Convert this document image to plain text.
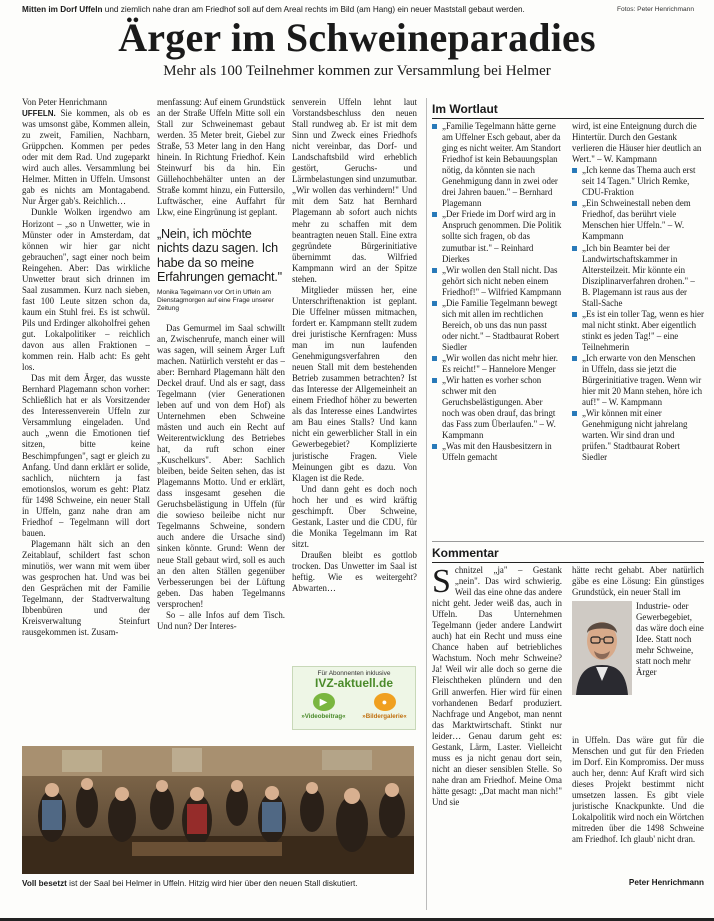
Mitten im Dorf Uffeln und ziemlich nahe dran am Friedhof soll auf dem Areal rechts im Bild (am Hang) ein neuer Maststall gebaut werden.	Fotos: Peter Henrichmann
Ärger im Schweineparadies
Mehr als 100 Teilnehmer kommen zur Versammlung bei Helmer

Von Peter Henrichmann

UFFELN. Sie kommen, als ob es was umsonst gäbe, Kommen allein, zu zweit, Familien, Nachbarn, Grüppchen. Kommen per pedes oder mit dem Rad. Und zugeparkt wird auch alles. Versammlung bei Helmer. Mitten in Uffeln. Umsonst gab es nichts am Montagabend. Nur Ärger gab's. Reichlich…

Dunkle Wolken irgendwo am Horizont – „so n Unwetter, wie in Münster oder in Amsterdam, dat können wir hier gar nicht gebrauchen", sagt einer noch beim Reingehen. Aber: Das wirkliche Unwetter braut sich drinnen im Saal zusammen. Kurz nach sieben, fast 100 Leute sitzen schon da, kaum ein Stuhl frei. Es ist schwül. Pils und Erdinger alkoholfrei gehen gut. Lokalpolitiker – reichlich davon aus allen Fraktionen – kommen rein. Halb acht: Es geht los.

Das mit dem Ärger, das wusste Bernhard Plagemann schon vorher: Schließlich hat er als Vorsitzender des Interessenverein Uffeln zur Versammlung eingeladen. Und auch „wenn die Emotionen tief sitzen, bitte keine Beschimpfungen", sagt er gleich zu Anfang. Und dann erklärt er solide, sachlich, nüchtern ja fast emotionslos, worum es geht: Platz für 1498 Schweine, ein neuer Stall in Uffeln, ganz nahe dran am Friedhof – Tegelmann will dort bauen.

Plagemann hält sich an den Zeitablauf, schildert fast schon minutiös, wer wann mit wem über was gesprochen hat. Und was bei den Gesprächen mit der Familie Tegelmann, der Stadtverwaltung Ibbenbüren und der Kreisverwaltung Steinfurt rausgekommen ist. Zusam-

menfassung: Auf einem Grundstück an der Straße Uffeln Mitte soll ein Stall zur Schweinemast gebaut werden. 35 Meter breit, Giebel zur Straße, 53 Meter lang in den Hang hinein. In Richtung Friedhof. Kein Steinwurf bis da hin. Ein Güllehochbehälter unten an der Straße kommt hinzu, ein Futtersilo, Luftwäscher, eine Auffahrt für Lkw, eine Eingrünung ist geplant.

„Nein, ich möchte nichts dazu sagen. Ich habe da so meine Erfahrungen gemacht."
Monika Tegelmann vor Ort in Uffeln am Dienstagmorgen auf eine Frage unserer Zeitung

Das Gemurmel im Saal schwillt an, Zwischenrufe, manch einer will was sagen, will seinem Ärger Luft machen. Natürlich versteht er das – aber: Bernhard Plagemann hält den Deckel drauf. Und als er sagt, dass Tegelmann (vier Generationen leben auf und von dem Hof) als Unternehmen eben Schweine mästen und auch ein Recht auf Weiterentwicklung des Betriebes hat, da ruft schon einer „Kuschelkurs". Aber: Sachlich bleiben, beide Seiten sehen, das ist Plagemanns Motto. Und er erklärt, dass insgesamt gesehen die Geruchsbelästigung in Uffeln (für die sowieso beileibe nicht nur Tegelmanns Schweine, sondern auch andere die Ursache sind) sinken könnte. Grund: Wenn der neue Stall gebaut wird, soll es auch an den alten Ställen gegenüber Verbesserungen bei der Lüftung geben. Das haben Tegelmanns versprochen!

So – alle Infos auf dem Tisch. Und nun? Der Interes-

senverein Uffeln lehnt laut Vorstandsbeschluss den neuen Stall rundweg ab. Er ist mit dem Sinn und Zweck eines Friedhofs nicht vereinbar, das Dorf- und Landschaftsbild wird erheblich gestört, Geruchs- und Lärmbelastungen sind unzumutbar. „Wir wollen das verhindern!" Und mit dem Satz hat Bernhard Plagemann ab sofort auch nichts mehr zu schaffen mit dem beantragten neuen Stall. Eine extra gegründete Bürgerinitiative übernimmt das. Wilfried Kampmann wird an der Spitze stehen.

Mitglieder müssen her, eine Unterschriftenaktion ist geplant. Die Uffelner müssen mitmachen, fordert er. Kampmann stellt zudem drei juristische Kernfragen: Muss man im nun laufenden Genehmigungsverfahren den neuen Stall mit dem bestehenden Betrieb zusammen betrachten? Ist das Interesse der Allgemeinheit an einem Friedhof höher zu bewerten als das Interesse eines Landwirtes am Bau eines Stalls? Und kann nicht ein gewerblicher Stall in ein Gewerbegebiet? Komplizierte juristische Fragen. Viele Meinungen gibt es dazu. Von Klagen ist die Rede.

Und dann geht es doch noch hoch her und es wird kräftig geschimpft. Über Schweine, Gestank, Laster und die CDU, für die Monika Tegelmann im Rat sitzt.

Draußen bleibt es gottlob trocken. Das Unwetter im Saal ist heftig. Wie es weitergeht? Abwarten…

Für Abonnenten inklusive
IVZ-aktuell.de
▶	●
»Videobeitrag«	»Bildergalerie«
Voll besetzt ist der Saal bei Helmer in Uffeln. Hitzig wird hier über den neuen Stall diskutiert.
Im Wortlaut

„Familie Tegelmann hätte gerne am Uffelner Esch gebaut, aber da ging es nicht weiter. Am Standort Friedhof ist kein Bebauungsplan nötig, da könnten sie nach Genehmigung dann in zwei oder drei Jahren bauen." – Bernhard Plagemann

„Der Friede im Dorf wird arg in Anspruch genommen. Die Politik sollte sich fragen, ob das zumutbar ist." – Reinhard Dierkes

„Wir wollen den Stall nicht. Das gehört sich nicht neben einem Friedhof!" – Wilfried Kampmann

„Die Familie Tegelmann bewegt sich mit allen im rechtlichen Bereich, ob uns das nun passt oder nicht." – Stadtbaurat Robert Siedler

„Wir wollen das nicht mehr hier. Es reicht!" – Hannelore Menger

„Wir hatten es vorher schon schwer mit den Geruchsbelästigungen. Aber noch was oben drauf, das bringt das Fass zum Überlaufen." – W. Kampmann

„Was mit den Hausbesitzern in Uffeln gemacht

wird, ist eine Enteignung durch die Hintertür. Durch den Gestank verlieren die Häuser hier deutlich an Wert." – W. Kampmann

„Ich kenne das Thema auch erst seit 14 Tagen." Ulrich Remke, CDU-Fraktion

„Ein Schweinestall neben dem Friedhof, das berührt viele Menschen hier Uffeln." – W. Kampmann

„Ich bin Beamter bei der Landwirtschaftskammer in Altersteilzeit. Mir könnte ein Disziplinarverfahren drohen." – B. Plagemann ist raus aus der Stall-Sache

„Es ist ein toller Tag, wenn es hier mal nicht stinkt. Aber eigentlich stinkt es jeden Tag!" – eine Teilnehmerin

„Ich erwarte von den Menschen in Uffeln, dass sie jetzt die Bürgerinitiative tragen. Wenn wir hier mit 20 Mann stehen, höre ich auf!" – W. Kampmann

„Wir können mit einer Genehmigung nicht jahrelang warten. Wir sind dran und prüfen." Stadtbaurat Robert Siedler

Kommentar
Schnitzel „ja" – Gestank „nein". Das wird schwierig. Weil das eine ohne das andere nicht geht. Jeder weiß das, auch in Uffeln. Das Unternehmen Tegelmann (jeder andere Landwirt auch) hat ein Recht und muss eine Chance haben auf betriebliches Wachstum. Noch mehr Schweine? Ja! Weil wir alle doch so gerne die Fleischtheken plündern und den Grill anwerfen. Hier wird für einen vorhandenen Bedarf produziert. Nachfrage und Angebot, man nennt das Marktwirtschaft. Stinkt nur leider… Genau darum geht es: Gestank, Lärm, Laster. Vielleicht muss es ja nicht genau dort sein, nicht an dieser sensiblen Stelle. So nahe dran am Friedhof. Meine Oma hätte gesagt: „Dat macht man nich!" Und sie
hätte recht gehabt. Aber natürlich gäbe es eine Lösung: Ein günstiges Grundstück, ein neuer Stall im
Industrie- oder Gewerbegebiet, das wäre doch eine Idee. Statt noch mehr Schweine, statt noch mehr Ärger
in Uffeln. Das wäre gut für die Menschen und gut für den Frieden im Dorf. Ein Kompromiss. Der muss auch her, denn: Auf Kraft wird sich dieses Projekt bestimmt nicht umsetzen lassen. Es gibt viele juristische Knackpunkte. Und die Lokalpolitik wird noch ein Wörtchen mitreden über die 1498 Schweine am Friedhof. Ich glaub' nicht dran.
Peter Henrichmann
